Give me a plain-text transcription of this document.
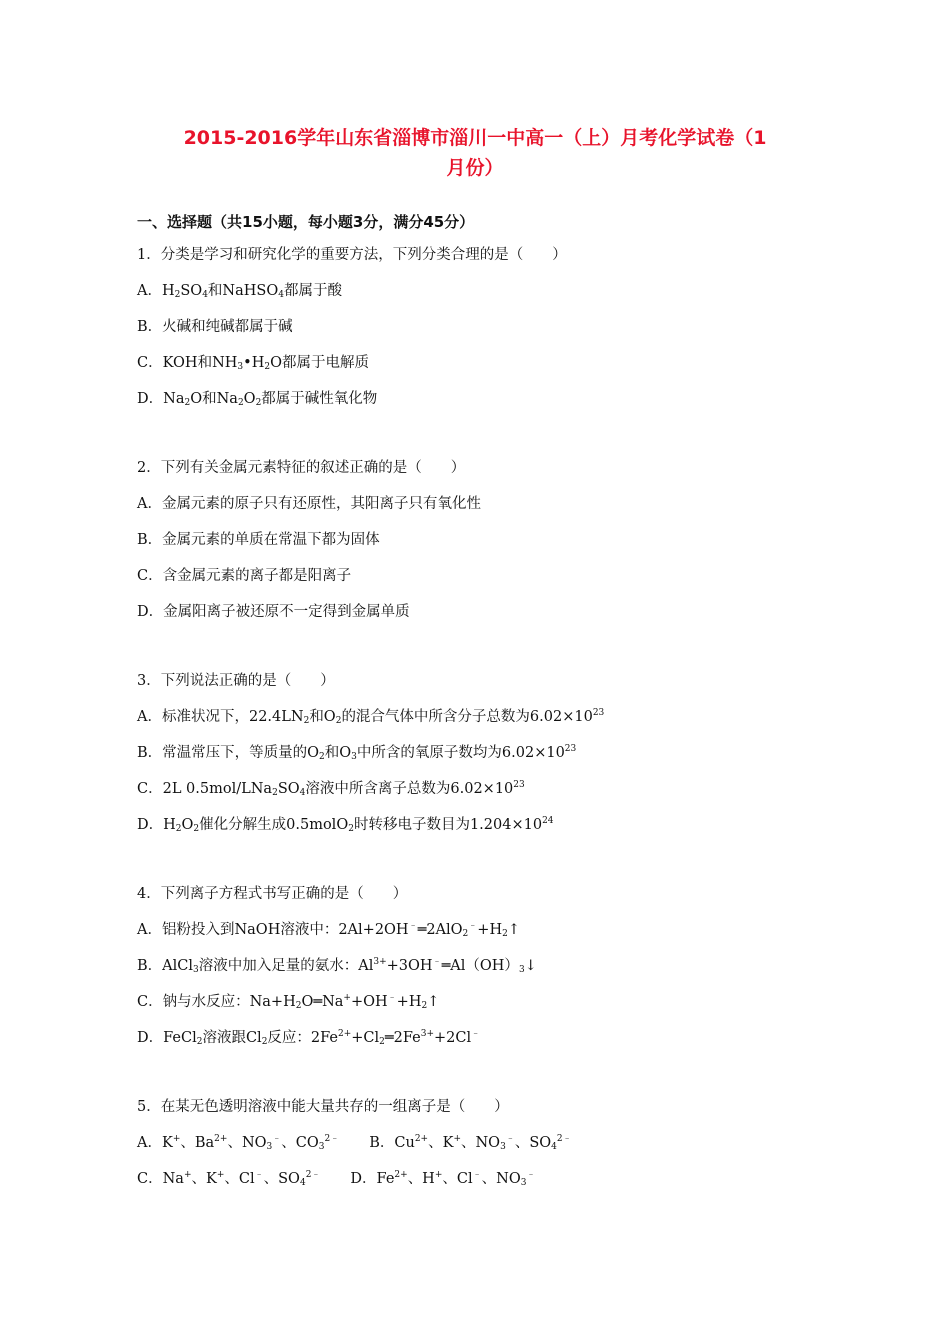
2015-2016学年山东省淄博市淄川一中高一（上）月考化学试卷（1
月份）
一、选择题（共15小题，每小题3分，满分45分）
1．分类是学习和研究化学的重要方法，下列分类合理的是（　　）
A．$H_2SO_4$和NaHSO$_4$都属于酸
B．火碱和纯碱都属于碱
C．KOH和$NH_3•H_2O$都属于电解质
D．$Na_2O$和$Na_2O_2$都属于碱性氧化物
2．下列有关金属元素特征的叙述正确的是（　　）
A．金属元素的原子只有还原性，其阳离子只有氧化性
B．金属元素的单质在常温下都为固体
C．含金属元素的离子都是阳离子
D．金属阳离子被还原不一定得到金属单质
3．下列说法正确的是（　　）
A．标准状况下，$22.4LN_2$和$O_2$的混合气体中所含分子总数为$6.02\times 10^{23}$
B．常温常压下，等质量的$O_2$和$O_3$中所含的氧原子数均为$6.02\times 10^{23}$
C．2L $0.5mol/LNa_2SO_4$溶液中所含离子总数为$6.02\times 10^{23}$
D．$H_2O_2$催化分解生成0.5molO$_2$时转移电子数目为$1.204\times 10^{24}$
4．下列离子方程式书写正确的是（　　）
A．铝粉投入到NaOH溶液中：$2Al+2OH^﹣═2AlO_2^﹣+H_2↑$
B．AlCl$_3$溶液中加入足量的氨水：$Al^{3+}+3OH^﹣═Al(OH)_3↓$
C．钠与水反应：$Na+H_2O═Na^++OH^﹣+H_2↑$
D．FeCl$_2$溶液跟$Cl_2$反应：$2Fe^{2+}+Cl_2═2Fe^{3+}+2Cl^﹣$
5．在某无色透明溶液中能大量共存的一组离子是（　　）
A．K+、$Ba^{2+}$、$NO_3^﹣$、$CO_3^{2﹣}$ B．$Cu^{2+}$、K+、$NO_3^﹣$、$SO_4^{2﹣}$
C．Na+、K+、Cl﹣、$SO_4^{2﹣}$ D．$Fe^{2+}$、H+、Cl﹣、$NO_3^﹣$
